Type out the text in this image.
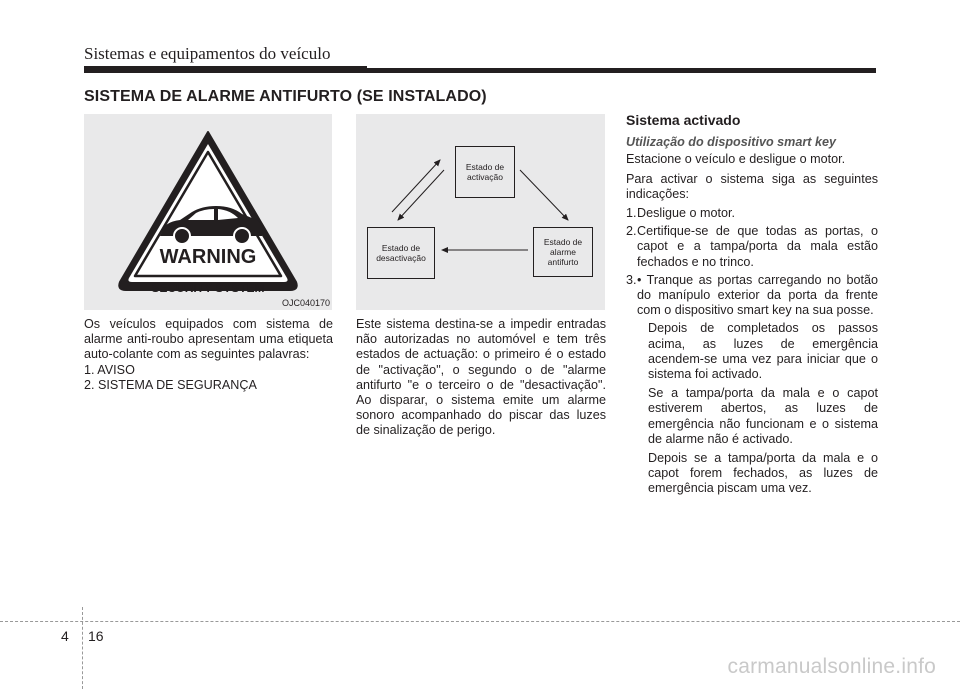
Sistemas e equipamentos do veículo
SISTEMA DE ALARME ANTIFURTO (SE INSTALADO)
WARNING
SECURITY SYSTEM
OJC040170
Estado de activação
Estado de desactivação
Estado de alarme antifurto
Os veículos equipados com sistema de alarme anti-roubo apresentam uma etiqueta auto-colante com as seguintes palavras:
1. AVISO
2. SISTEMA DE SEGURANÇA
Este sistema destina-se a impedir entradas não autorizadas no automóvel e tem três estados de actuação: o primeiro é o estado de "activação", o segundo o de "alarme antifurto "e o terceiro o de "desactivação". Ao disparar, o sistema emite um alarme sonoro acompanhado do piscar das luzes de sinalização de perigo.
Sistema activado
Utilização do dispositivo smart key
Estacione o veículo e desligue o motor.
Para activar o sistema siga as seguintes indicações:
1. Desligue o motor.
2. Certifique-se de que todas as portas, o capot e a tampa/porta da mala estão fechados e no trinco.
3. • Tranque as portas carregando no botão do manípulo exterior da porta da frente com o dispositivo smart key na sua posse.
Depois de completados os passos acima, as luzes de emergência acendem-se uma vez para iniciar que o sistema foi activado.
Se a tampa/porta da mala e o capot estiverem abertos, as luzes de emergência não funcionam e o sistema de alarme não é activado.
Depois se a tampa/porta da mala e o capot forem fechados, as luzes de emergência piscam uma vez.
4 16
carmanualsonline.info
